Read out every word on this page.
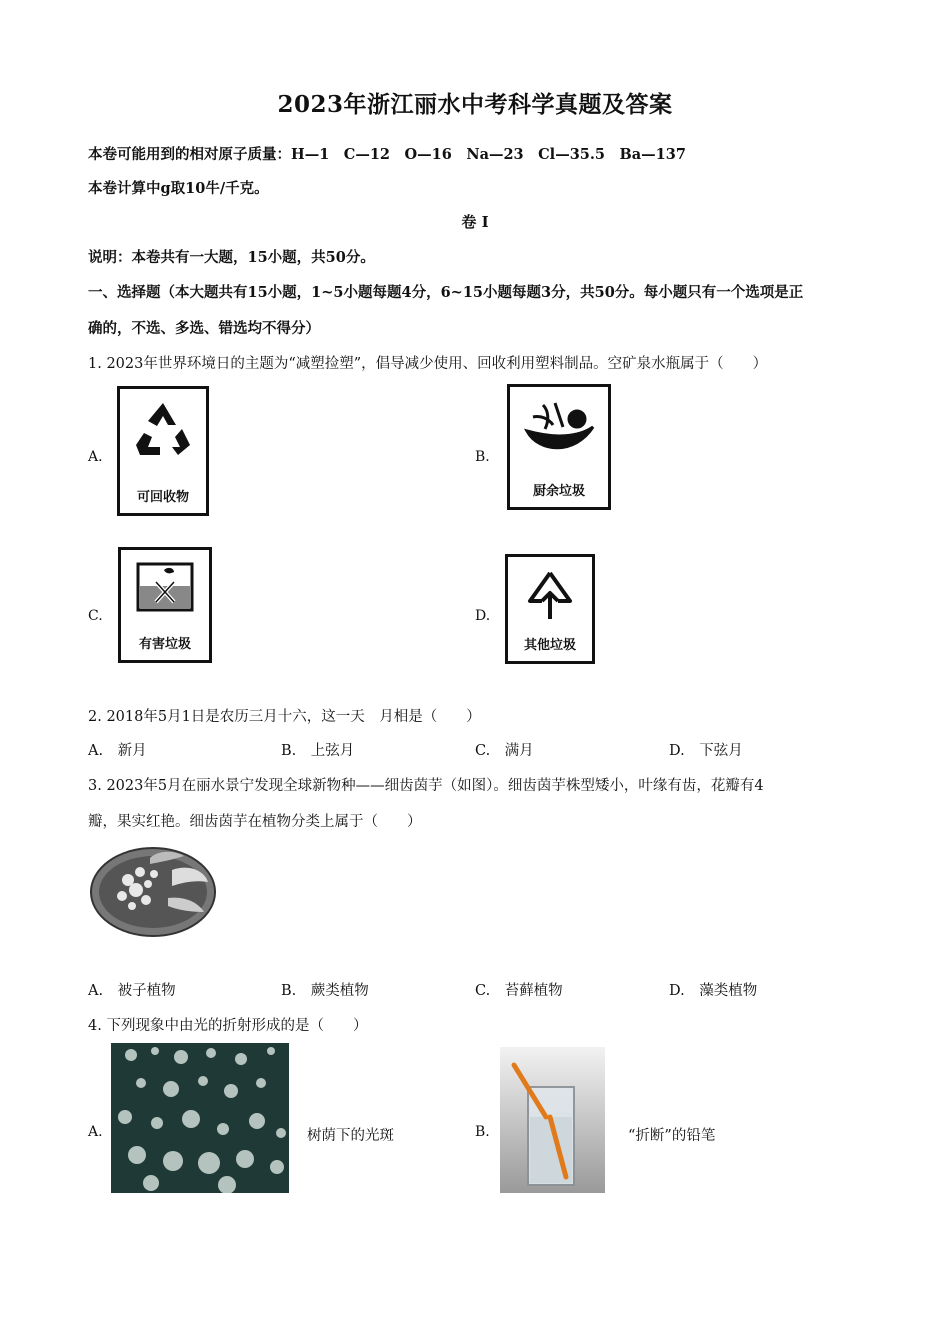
2023年浙江丽水中考科学真题及答案
本卷可能用到的相对原子质量：H—1　C—12　O—16　Na—23　Cl—35.5　Ba—137
本卷计算中g取10牛/千克。
卷 I
说明：本卷共有一大题，15小题，共50分。
一、选择题（本大题共有15小题，1~5小题每题4分，6~15小题每题3分，共50分。每小题只有一个选项是正
确的，不选、多选、错选均不得分）
1. 2023年世界环境日的主题为“减塑捡塑”，倡导减少使用、回收利用塑料制品。空矿泉水瓶属于（　　）
A.
可回收物
B.
厨余垃圾
C.
有害垃圾
D.
其他垃圾
2. 2018年5月1日是农历三月十六，这一天　月相是（　　）
A.　新月	B.　上弦月	C.　满月	D.　下弦月
3. 2023年5月在丽水景宁发现全球新物种——细齿茵芋（如图）。细齿茵芋株型矮小，叶缘有齿，花瓣有4
瓣，果实红艳。细齿茵芋在植物分类上属于（　　）
A.　被子植物	B.　蕨类植物	C.　苔藓植物	D.　藻类植物
4. 下列现象中由光的折射形成的是（　　）
A.	树荫下的光斑	B.	“折断”的铅笔
